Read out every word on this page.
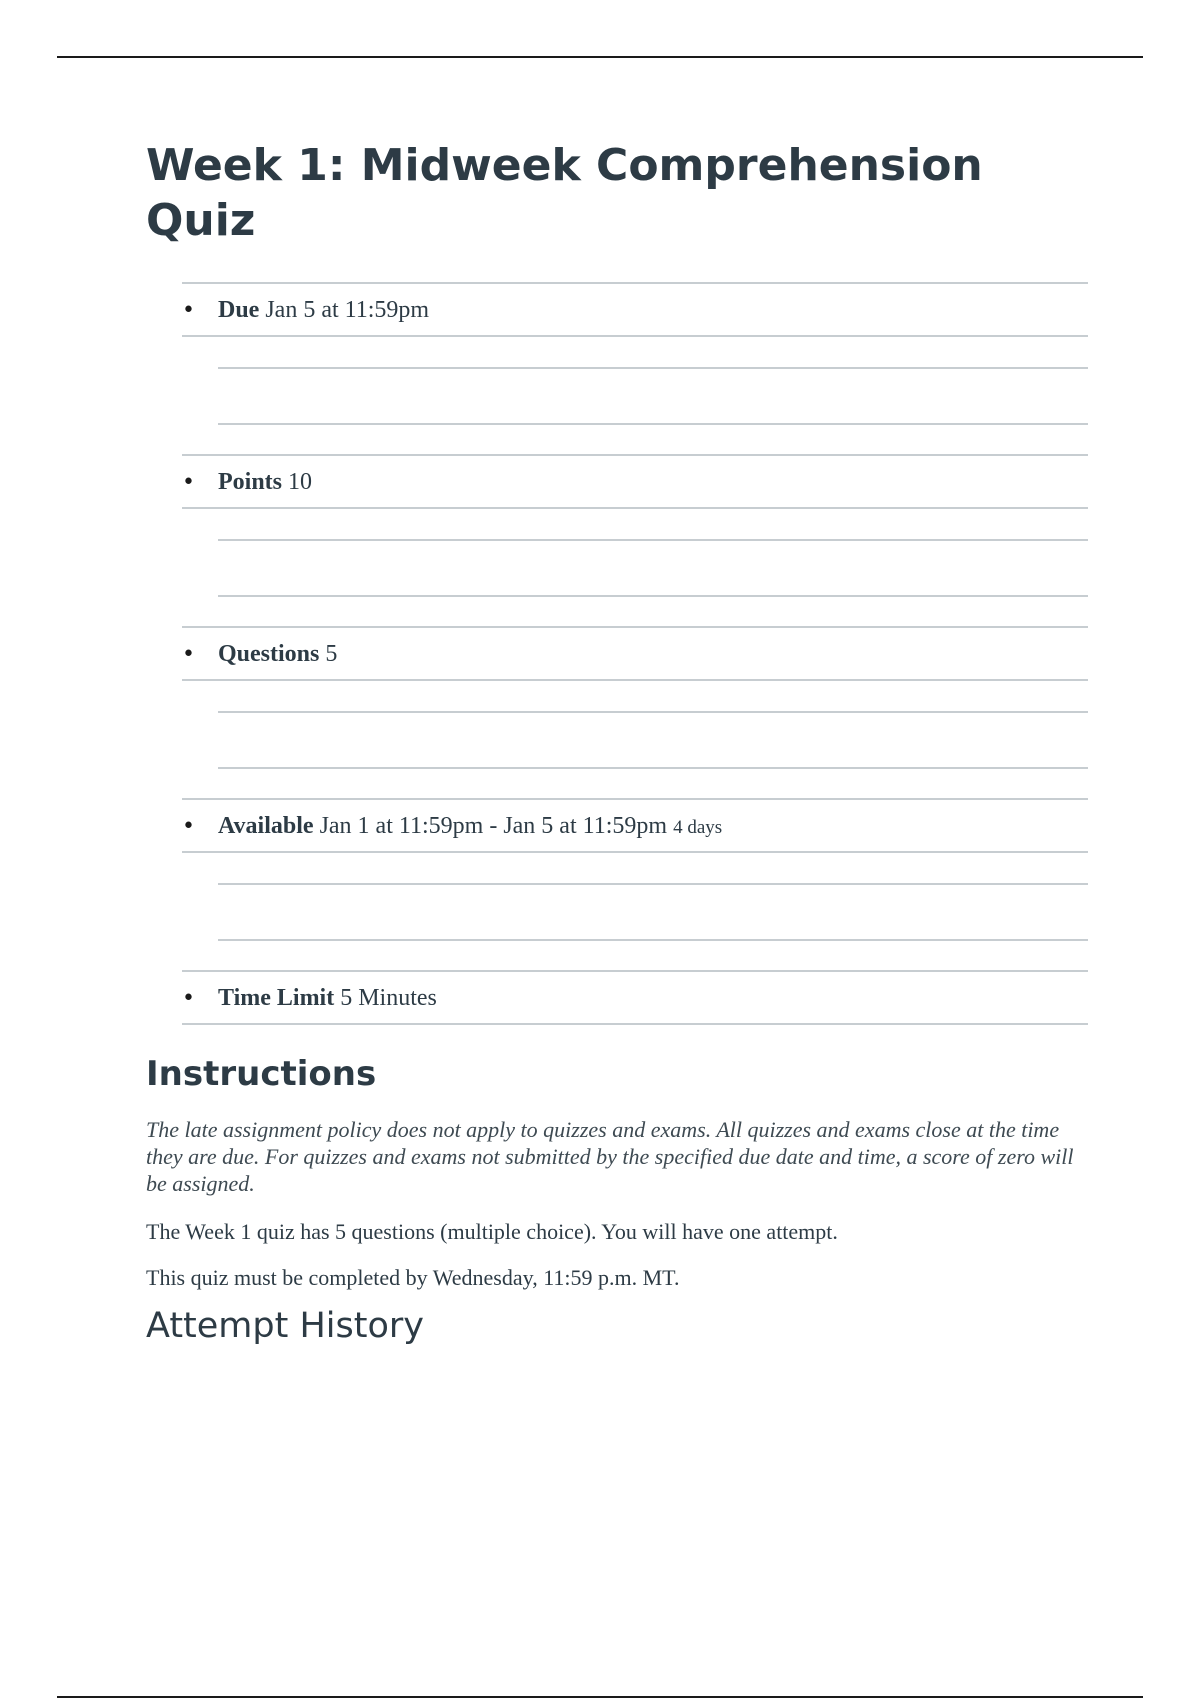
Week 1: Midweek Comprehension Quiz
• Due Jan 5 at 11:59pm
• Points 10
• Questions 5
• Available Jan 1 at 11:59pm - Jan 5 at 11:59pm 4 days
• Time Limit 5 Minutes
Instructions

The late assignment policy does not apply to quizzes and exams. All quizzes and exams close at the time they are due. For quizzes and exams not submitted by the specified due date and time, a score of zero will be assigned.

The Week 1 quiz has 5 questions (multiple choice). You will have one attempt.

This quiz must be completed by Wednesday, 11:59 p.m. MT.

Attempt History
